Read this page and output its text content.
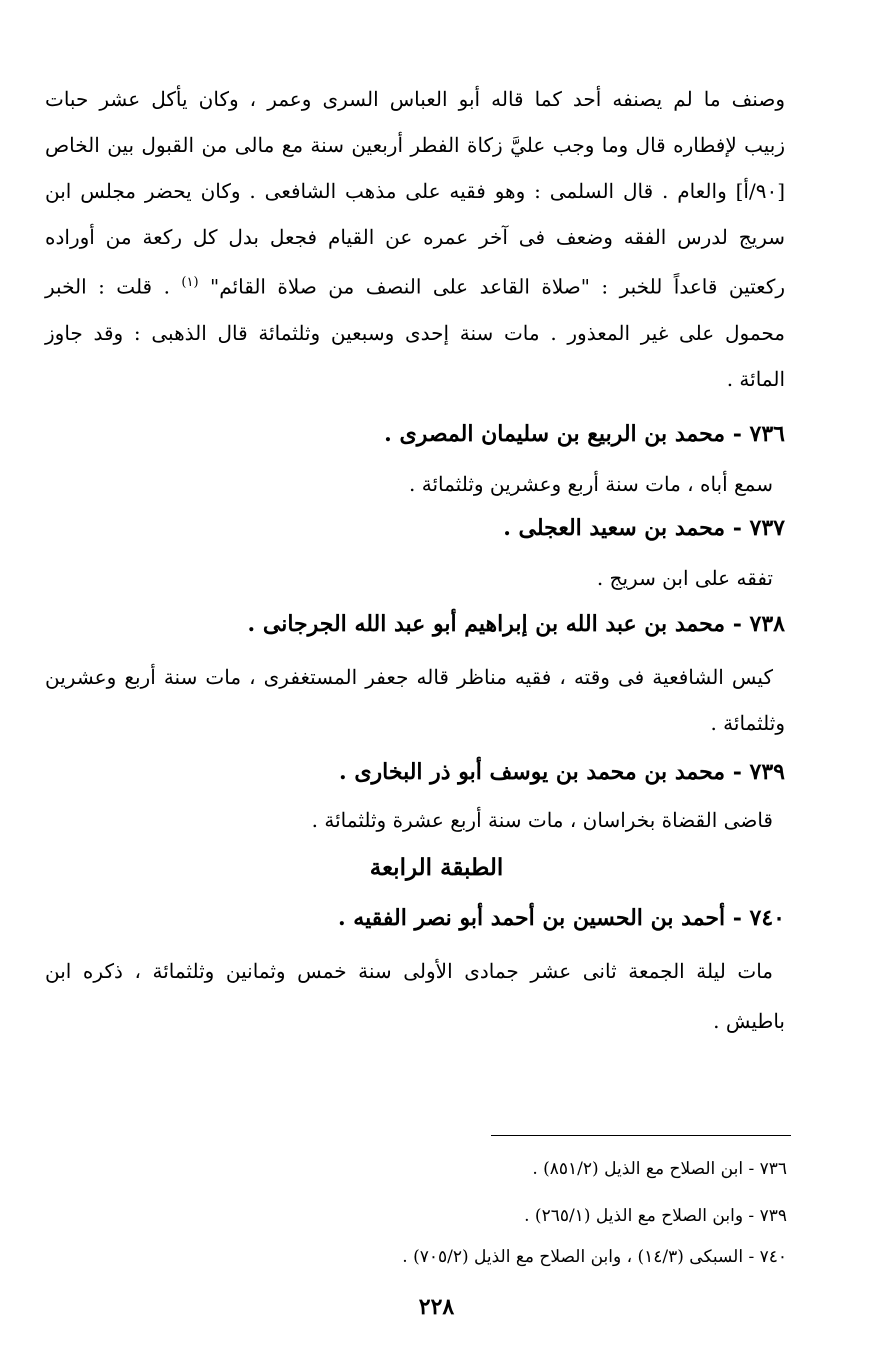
وصنف ما لم يصنفه أحد كما قاله أبو العباس السرى وعمر ، وكان يأكل عشر حبات
زبيب لإفطاره قال وما وجب عليَّ زكاة الفطر أربعين سنة مع مالى من القبول بين الخاص
[٩٠/أ] والعام . قال السلمى : وهو فقيه على مذهب الشافعى . وكان يحضر مجلس ابن
سريج لدرس الفقه وضعف فى آخر عمره عن القيام فجعل بدل كل ركعة من أوراده
ركعتين قاعداً للخبر : "صلاة القاعد على النصف من صلاة القائم" $^{(١)}$ . قلت : الخبر
محمول على غير المعذور . مات سنة إحدى وسبعين وثلثمائة قال الذهبى : وقد جاوز
المائة .
٧٣٦ - محمد بن الربيع بن سليمان المصرى .
سمع أباه ، مات سنة أربع وعشرين وثلثمائة .
٧٣٧ - محمد بن سعيد العجلى .
تفقه على ابن سريج .
٧٣٨ - محمد بن عبد الله بن إبراهيم أبو عبد الله الجرجانى .
كيس الشافعية فى وقته ، فقيه مناظر قاله جعفر المستغفرى ، مات سنة أربع وعشرين
وثلثمائة .
٧٣٩ - محمد بن محمد بن يوسف أبو ذر البخارى .
قاضى القضاة بخراسان ، مات سنة أربع عشرة وثلثمائة .
الطبقة الرابعة
٧٤٠ - أحمد بن الحسين بن أحمد أبو نصر الفقيه .
مات ليلة الجمعة ثانى عشر جمادى الأولى سنة خمس وثمانين وثلثمائة ، ذكره ابن
باطيش .
٧٣٦ - ابن الصلاح مع الذيل (٨٥١/٢) .
٧٣٩ - وابن الصلاح مع الذيل (٢٦٥/١) .
٧٤٠ - السبكى (١٤/٣) ، وابن الصلاح مع الذيل (٧٠٥/٢) .
٢٢٨
